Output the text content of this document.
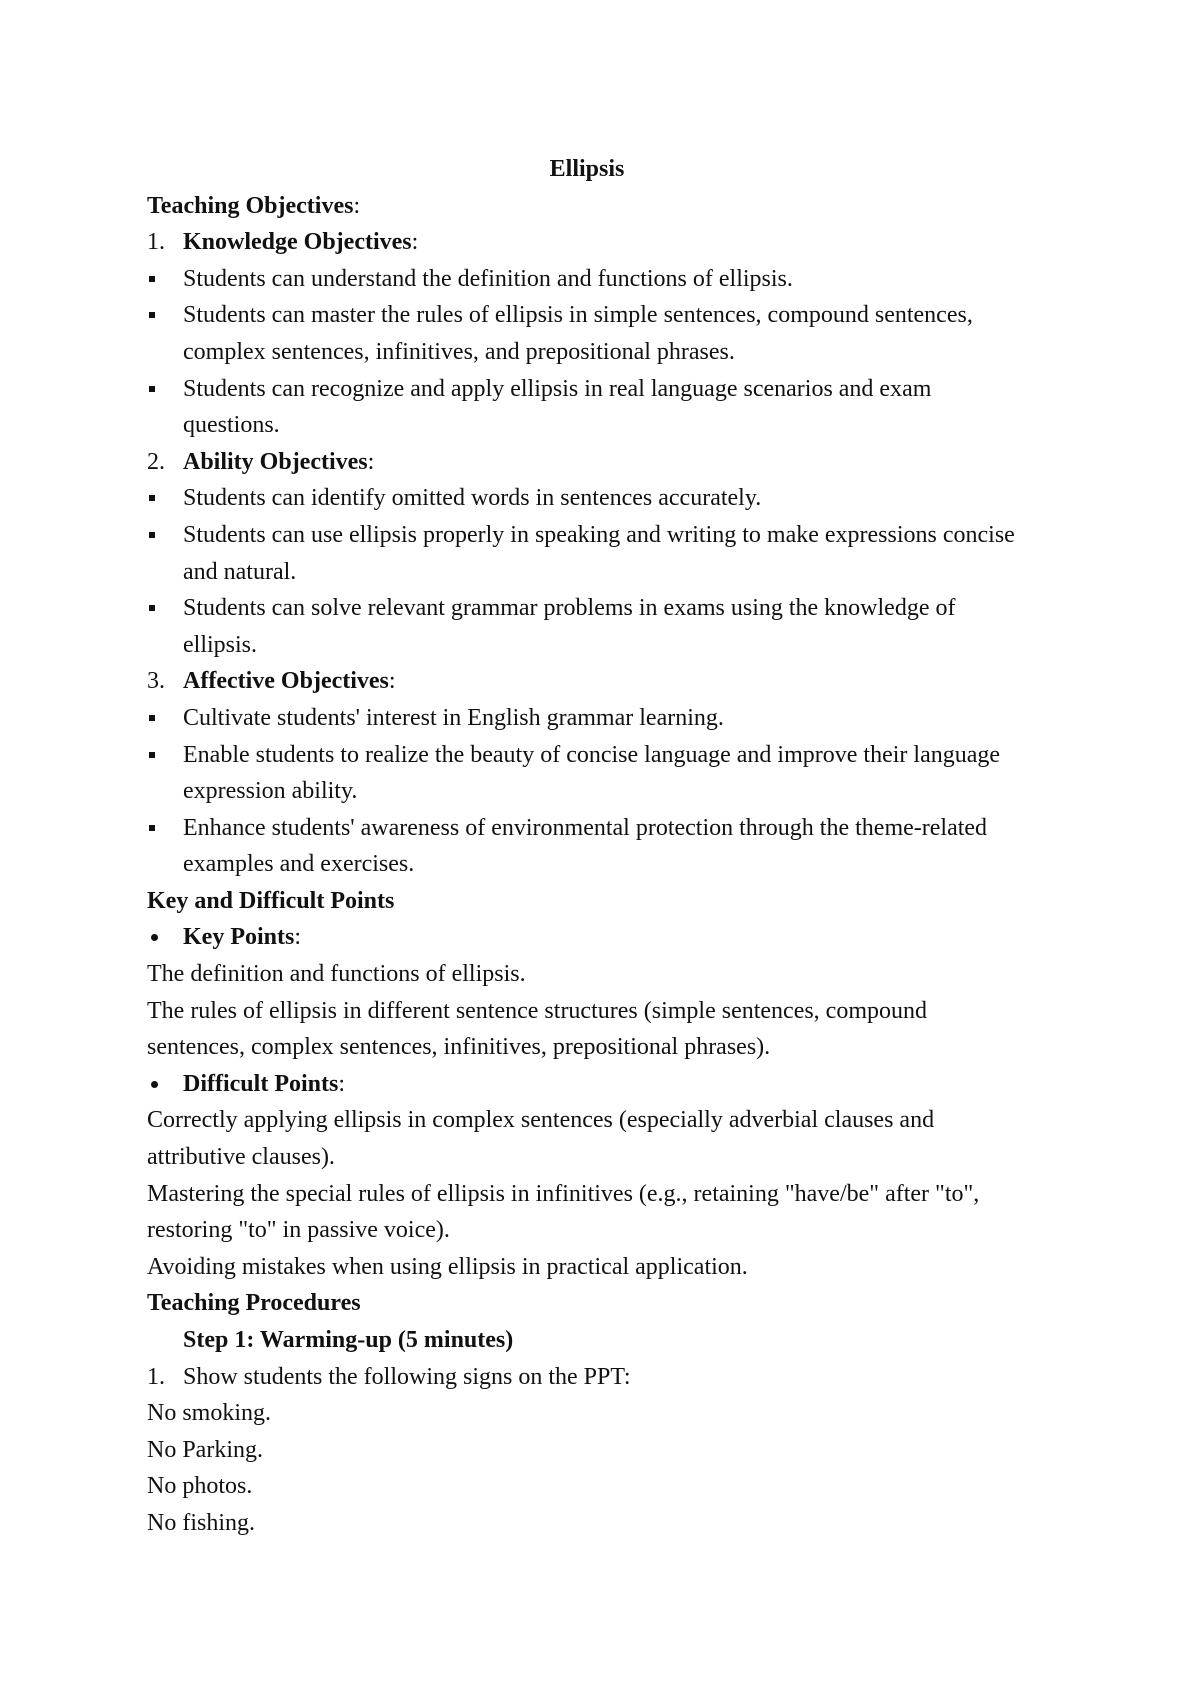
Ellipsis
Teaching Objectives:
1. Knowledge Objectives:
Students can understand the definition and functions of ellipsis.
Students can master the rules of ellipsis in simple sentences, compound sentences, complex sentences, infinitives, and prepositional phrases.
Students can recognize and apply ellipsis in real language scenarios and exam questions.
2. Ability Objectives:
Students can identify omitted words in sentences accurately.
Students can use ellipsis properly in speaking and writing to make expressions concise and natural.
Students can solve relevant grammar problems in exams using the knowledge of ellipsis.
3. Affective Objectives:
Cultivate students' interest in English grammar learning.
Enable students to realize the beauty of concise language and improve their language expression ability.
Enhance students' awareness of environmental protection through the theme-related examples and exercises.
Key and Difficult Points
Key Points:
The definition and functions of ellipsis.
The rules of ellipsis in different sentence structures (simple sentences, compound sentences, complex sentences, infinitives, prepositional phrases).
Difficult Points:
Correctly applying ellipsis in complex sentences (especially adverbial clauses and attributive clauses).
Mastering the special rules of ellipsis in infinitives (e.g., retaining "have/be" after "to", restoring "to" in passive voice).
Avoiding mistakes when using ellipsis in practical application.
Teaching Procedures
Step 1: Warming-up (5 minutes)
1. Show students the following signs on the PPT:
No smoking.
No Parking.
No photos.
No fishing.
